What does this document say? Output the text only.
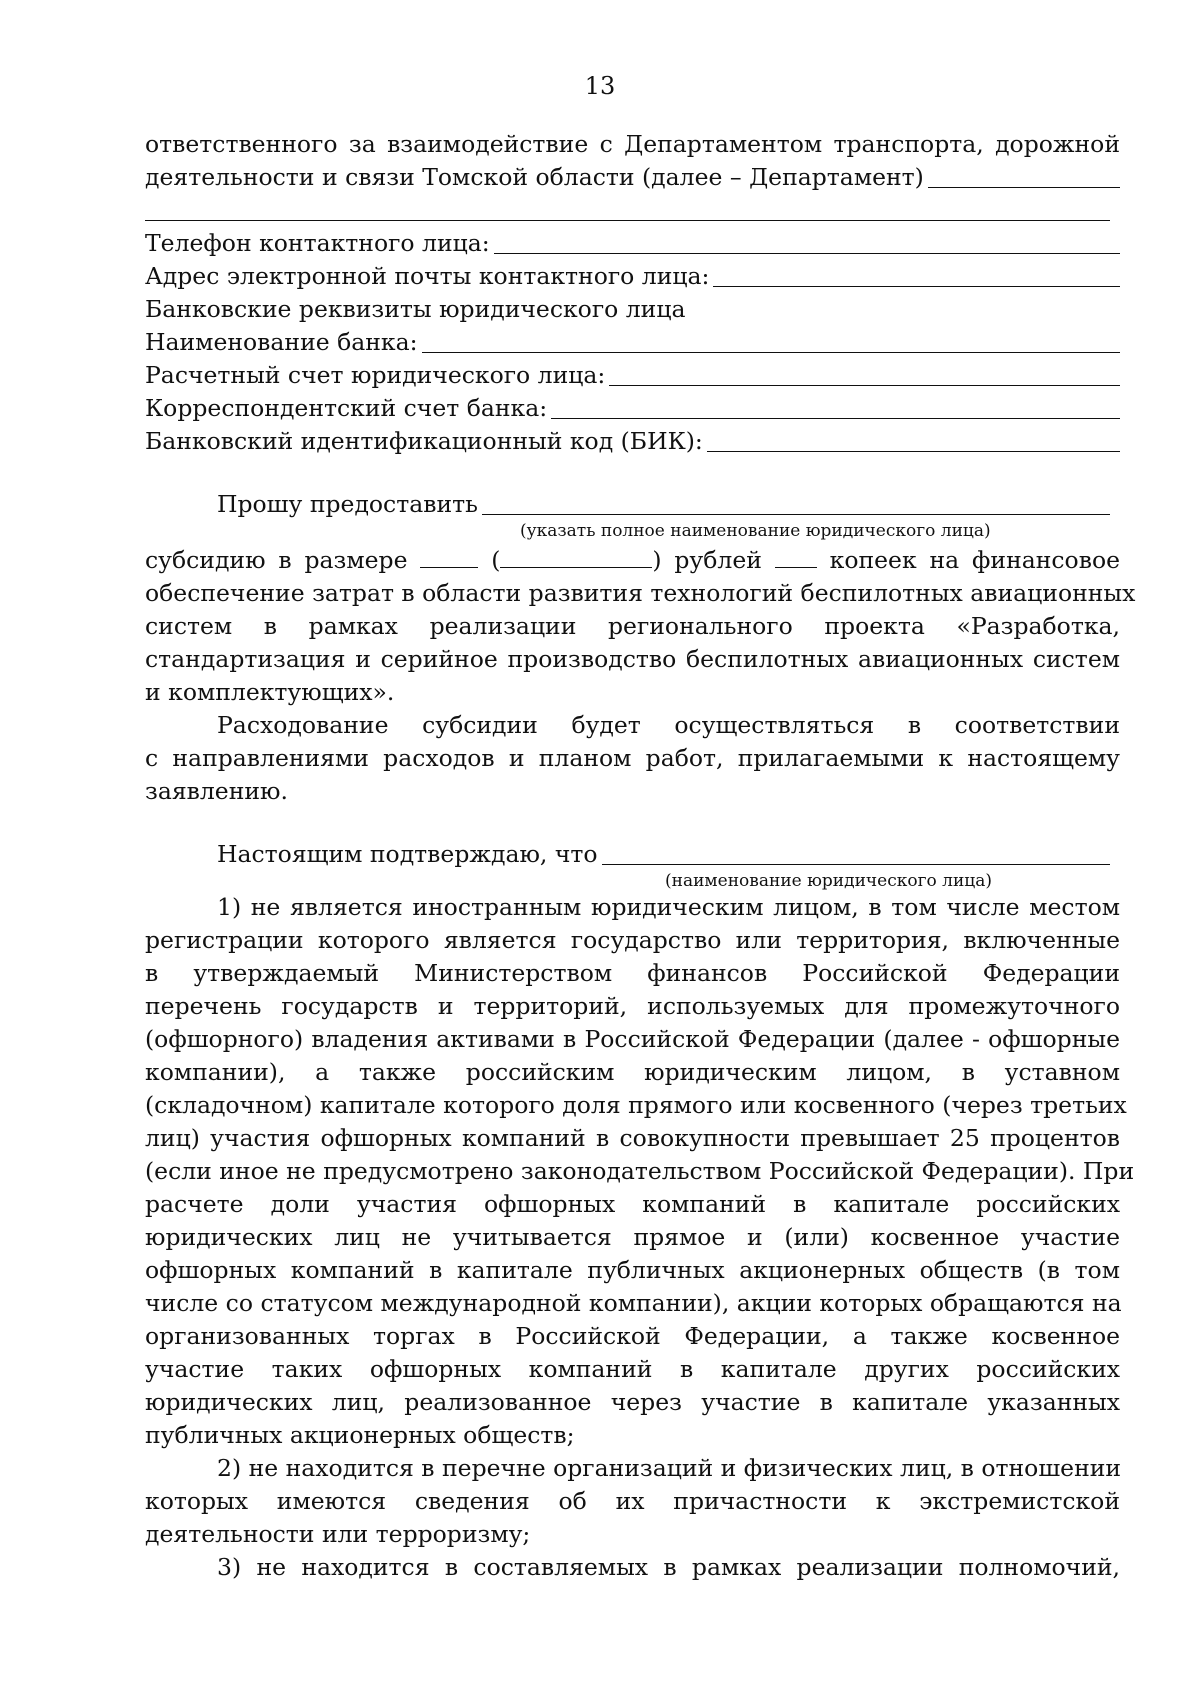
13
ответственного за взаимодействие с Департаментом транспорта, дорожной
деятельности и связи Томской области (далее – Департамент)
Телефон контактного лица:
Адрес электронной почты контактного лица:
Банковские реквизиты юридического лица
Наименование банка:
Расчетный счет юридического лица:
Корреспондентский счет банка:
Банковский идентификационный код (БИК):
Прошу предоставить
(указать полное наименование юридического лица)
субсидию в размере	(	) рублей	копеек на финансовое
обеспечение затрат в области развития технологий беспилотных авиационных
систем в рамках реализации регионального проекта «Разработка,
стандартизация и серийное производство беспилотных авиационных систем
и комплектующих».
Расходование субсидии будет осуществляться в соответствии
с направлениями расходов и планом работ, прилагаемыми к настоящему
заявлению.
Настоящим подтверждаю, что
(наименование юридического лица)
1) не является иностранным юридическим лицом, в том числе местом
регистрации которого является государство или территория, включенные
в утверждаемый Министерством финансов Российской Федерации
перечень государств и территорий, используемых для промежуточного
(офшорного) владения активами в Российской Федерации (далее - офшорные
компании), а также российским юридическим лицом, в уставном
(складочном) капитале которого доля прямого или косвенного (через третьих
лиц) участия офшорных компаний в совокупности превышает 25 процентов
(если иное не предусмотрено законодательством Российской Федерации). При
расчете доли участия офшорных компаний в капитале российских
юридических лиц не учитывается прямое и (или) косвенное участие
офшорных компаний в капитале публичных акционерных обществ (в том
числе со статусом международной компании), акции которых обращаются на
организованных торгах в Российской Федерации, а также косвенное
участие таких офшорных компаний в капитале других российских
юридических лиц, реализованное через участие в капитале указанных
публичных акционерных обществ;
2) не находится в перечне организаций и физических лиц, в отношении
которых имеются сведения об их причастности к экстремистской
деятельности или терроризму;
3) не находится в составляемых в рамках реализации полномочий,
